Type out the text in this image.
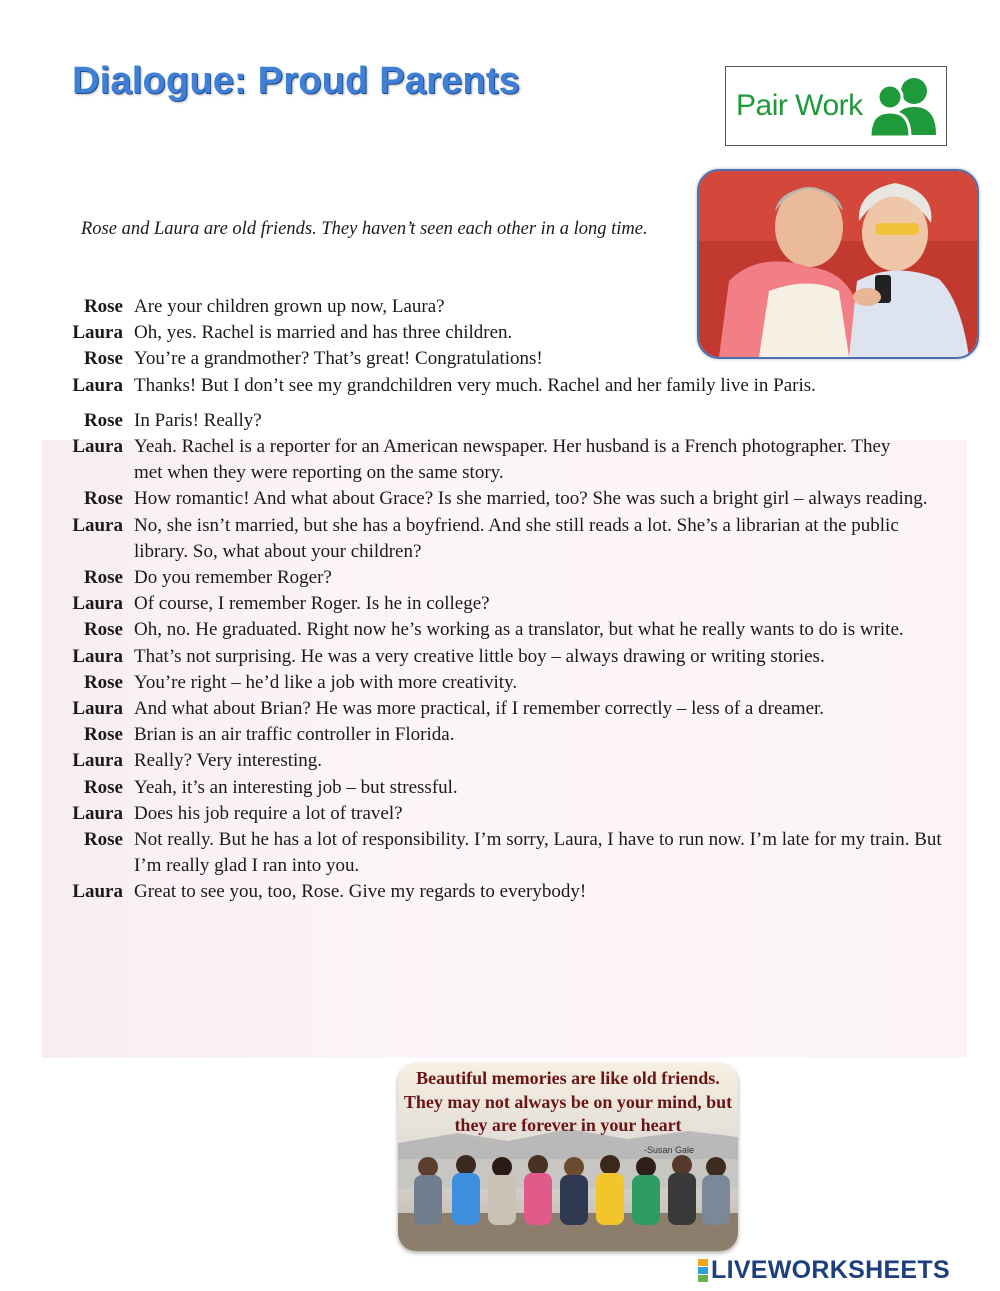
Dialogue: Proud Parents
Pair Work
Rose and Laura are old friends. They haven’t seen each other in a long time.
Rose Are your children grown up now, Laura?
Laura Oh, yes. Rachel is married and has three children.
Rose You’re a grandmother? That’s great! Congratulations!
Laura Thanks! But I don’t see my grandchildren very much. Rachel and her family live in Paris.
Rose In Paris! Really?
Laura Yeah. Rachel is a reporter for an American newspaper. Her husband is a French photographer. They met when they were reporting on the same story.
Rose How romantic! And what about Grace? Is she married, too? She was such a bright girl – always reading.
Laura No, she isn’t married, but she has a boyfriend. And she still reads a lot. She’s a librarian at the public library. So, what about your children?
Rose Do you remember Roger?
Laura Of course, I remember Roger. Is he in college?
Rose Oh, no. He graduated. Right now he’s working as a translator, but what he really wants to do is write.
Laura That’s not surprising. He was a very creative little boy – always drawing or writing stories.
Rose You’re right – he’d like a job with more creativity.
Laura And what about Brian? He was more practical, if I remember correctly – less of a dreamer.
Rose Brian is an air traffic controller in Florida.
Laura Really? Very interesting.
Rose Yeah, it’s an interesting job – but stressful.
Laura Does his job require a lot of travel?
Rose Not really. But he has a lot of responsibility. I’m sorry, Laura, I have to run now. I’m late for my train. But I’m really glad I ran into you.
Laura Great to see you, too, Rose. Give my regards to everybody!
Beautiful memories are like old friends. They may not always be on your mind, but they are forever in your heart
-Susan Gale
LIVEWORKSHEETS
